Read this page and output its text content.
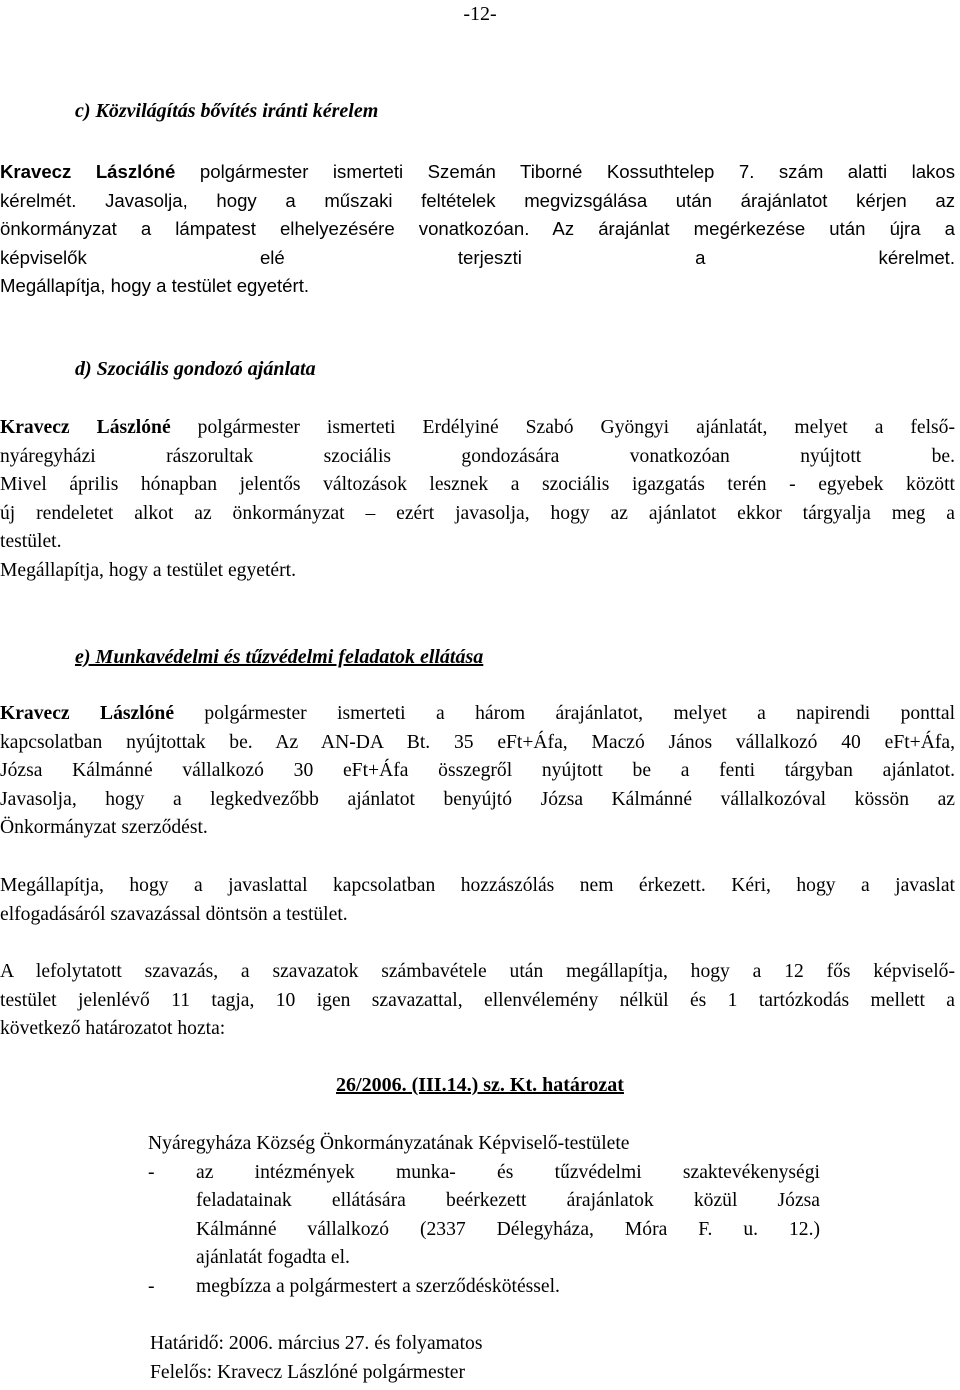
-12-
c) Közvilágítás bővítés iránti kérelem
Kravecz Lászlóné polgármester ismerteti Szemán Tiborné Kossuthtelep 7. szám alatti lakos
kérelmét. Javasolja, hogy a műszaki feltételek megvizsgálása után árajánlatot kérjen az
önkormányzat a lámpatest elhelyezésére vonatkozóan. Az árajánlat megérkezése után újra a
képviselők elé terjeszti a kérelmet.
Megállapítja, hogy a testület egyetért.
d) Szociális gondozó ajánlata
Kravecz Lászlóné polgármester ismerteti Erdélyiné Szabó Gyöngyi ajánlatát, melyet a felső-
nyáregyházi rászorultak szociális gondozására vonatkozóan nyújtott be.
Mivel április hónapban jelentős változások lesznek a szociális igazgatás terén - egyebek között
új rendeletet alkot az önkormányzat – ezért javasolja, hogy az ajánlatot ekkor tárgyalja meg a
testület.
Megállapítja, hogy a testület egyetért.
e) Munkavédelmi és tűzvédelmi feladatok ellátása
Kravecz Lászlóné polgármester ismerteti a három árajánlatot, melyet a napirendi ponttal
kapcsolatban nyújtottak be. Az AN-DA Bt. 35 eFt+Áfa, Maczó János vállalkozó 40 eFt+Áfa,
Józsa Kálmánné vállalkozó 30 eFt+Áfa összegről nyújtott be a fenti tárgyban ajánlatot.
Javasolja, hogy a legkedvezőbb ajánlatot benyújtó Józsa Kálmánné vállalkozóval kössön az
Önkormányzat szerződést.
Megállapítja, hogy a javaslattal kapcsolatban hozzászólás nem érkezett. Kéri, hogy a javaslat
elfogadásáról szavazással döntsön a testület.
A lefolytatott szavazás, a szavazatok számbavétele után megállapítja, hogy a 12 fős képviselő-
testület jelenlévő 11 tagja, 10 igen szavazattal, ellenvélemény nélkül és 1 tartózkodás mellett a
következő határozatot hozta:
26/2006. (III.14.) sz. Kt. határozat
Nyáregyháza Község Önkormányzatának Képviselő-testülete
-	az intézmények munka- és tűzvédelmi szaktevékenységi
feladatainak ellátására beérkezett árajánlatok közül Józsa
Kálmánné vállalkozó (2337 Délegyháza, Móra F. u. 12.)
ajánlatát fogadta el.
-	megbízza a polgármestert a szerződéskötéssel.
Határidő: 2006. március 27. és folyamatos
Felelős: Kravecz Lászlóné polgármester
